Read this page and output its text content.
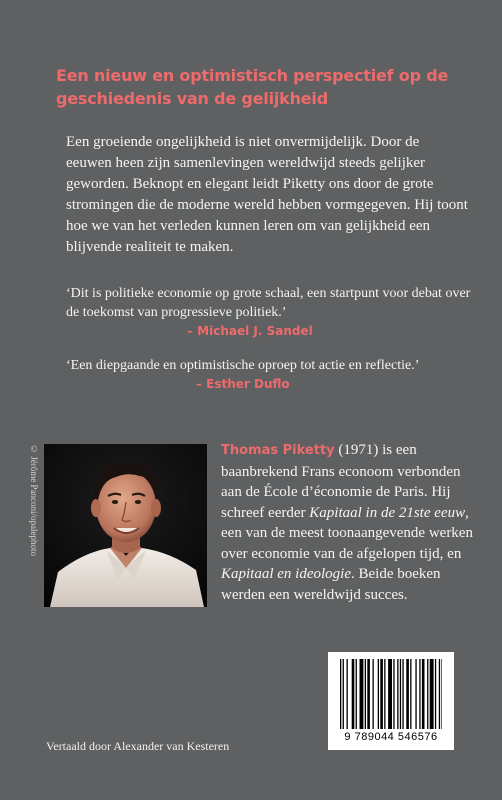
Een nieuw en optimistisch perspectief op de geschiedenis van de gelijkheid

Een groeiende ongelijkheid is niet onvermijdelijk. Door de eeuwen heen zijn samenlevingen wereldwijd steeds gelijker geworden. Beknopt en elegant leidt Piketty ons door de grote stromingen die de moderne wereld hebben vormgegeven. Hij toont hoe we van het verleden kunnen leren om van gelijkheid een blijvende realiteit te maken.

‘Dit is politieke economie op grote schaal, een startpunt voor debat over de toekomst van progressieve politiek.’
– Michael J. Sandel
‘Een diepgaande en optimistische oproep tot actie en reflectie.’
– Esther Duflo
© Jérôme Panconi/opalephoto	Thomas Piketty (1971) is een baanbrekend Frans econoom verbonden aan de École d’économie de Paris. Hij schreef eerder Kapitaal in de 21ste eeuw, een van de meest toonaangevende werken over economie van de afgelopen tijd, en Kapitaal en ideologie. Beide boeken werden een wereldwijd succes.

9 789044 546576
Vertaald door Alexander van Kesteren
